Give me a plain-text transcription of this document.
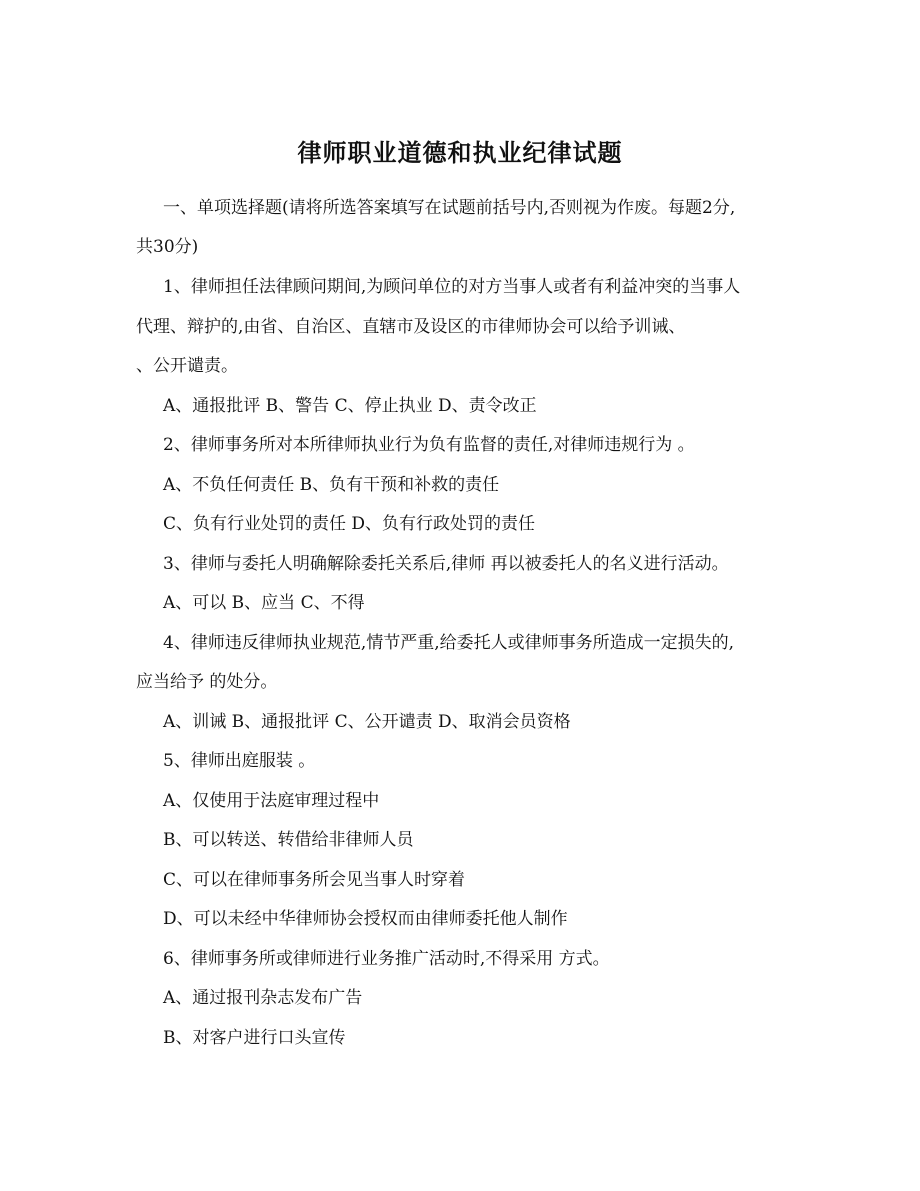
律师职业道德和执业纪律试题
一、单项选择题(请将所选答案填写在试题前括号内,否则视为作废。每题2分,
共30分)
1、律师担任法律顾问期间,为顾问单位的对方当事人或者有利益冲突的当事人
代理、辩护的,由省、自治区、直辖市及设区的市律师协会可以给予训诫、
、公开谴责。
A、通报批评 B、警告 C、停止执业 D、责令改正
2、律师事务所对本所律师执业行为负有监督的责任,对律师违规行为 。
A、不负任何责任 B、负有干预和补救的责任
C、负有行业处罚的责任 D、负有行政处罚的责任
3、律师与委托人明确解除委托关系后,律师 再以被委托人的名义进行活动。
A、可以 B、应当 C、不得
4、律师违反律师执业规范,情节严重,给委托人或律师事务所造成一定损失的,
应当给予 的处分。
A、训诫 B、通报批评 C、公开谴责 D、取消会员资格
5、律师出庭服装 。
A、仅使用于法庭审理过程中
B、可以转送、转借给非律师人员
C、可以在律师事务所会见当事人时穿着
D、可以未经中华律师协会授权而由律师委托他人制作
6、律师事务所或律师进行业务推广活动时,不得采用 方式。
A、通过报刊杂志发布广告
B、对客户进行口头宣传
